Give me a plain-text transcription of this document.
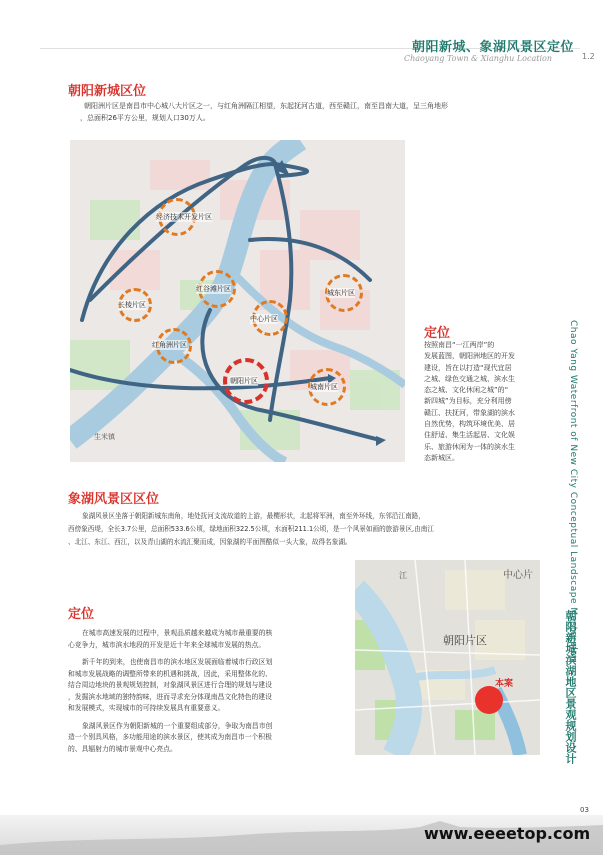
朝阳新城、象湖风景区定位
1.2
Chaoyang Town & Xianghu Location
朝阳新城区位
朝阳洲片区是南昌市中心城八大片区之一，与红角洲隔江相望，东起抚河古道，西至赣江，南至昌南大道，呈三角地形
，总面积26平方公里，规划人口30万人。
经济技术开发片区
红谷滩片区
长棱片区
中心片区
城东片区
红角洲片区
朝阳片区
城南片区
生米镇
定位
按照南昌“一江两岸”的
发展蓝图，朝阳洲地区的开发
建设，旨在以打造“现代宜居
之城、绿色交通之城、滨水生
态之城、文化休闲之城”的“
新四城”为目标，充分利用傍
赣江、扶抚河，带象湖的滨水
自然优势，构筑环境优美、居
住舒适、集生活起居、文化娱
乐、旅游休闲为一体的滨水生
态新城区。
象湖风景区区位
象湖风景区坐落于朝阳新城东南角，地处抚河支流故道的上游，最樱形状，北起将军洲，南至外环线，东邻沿江南路，
西傍象西堤，全长3.7公里，总面积533.6公顷，绿地面积322.5公顷，水面积211.1公顷，是一个风景如画的旅游景区,由南江
、北江、东江、西江，以及青山湖的水流汇聚而成，因象湖的平面图酷似一头大象，故得名象湖。
定位
在城市高速发展的过程中，景观品质越来越成为城市最重要的核
心竞争力，城市滨水地段的开发是近十年来全球城市发展的热点。
新千年的到来，也使南昌市的滨水地区发展面临着城市行政区划
和城市发展战略的调整所带来的机遇和挑战，因此，采用整体化的、
结合周边地块的景观规划控制，对象湖风景区进行合理的规划与建设
，发掘滨水地域的独特韵味，进而寻求充分体现南昌文化特色的建设
和发展模式，实现城市的可持续发展具有重要意义。
象湖风景区作为朝阳新城的一个重要组成部分，争取为南昌市创
造一个别具风格，多功能用途的滨水景区，使其成为南昌市一个积极
的、具辐射力的城市景观中心亮点。
江	中心片
朝阳片区
本案
Chao Yang Waterfront of New City Conceptual Landscape Masterplan
朝阳新城滨湖地区景观规划设计
03
www.eeeetop.com
